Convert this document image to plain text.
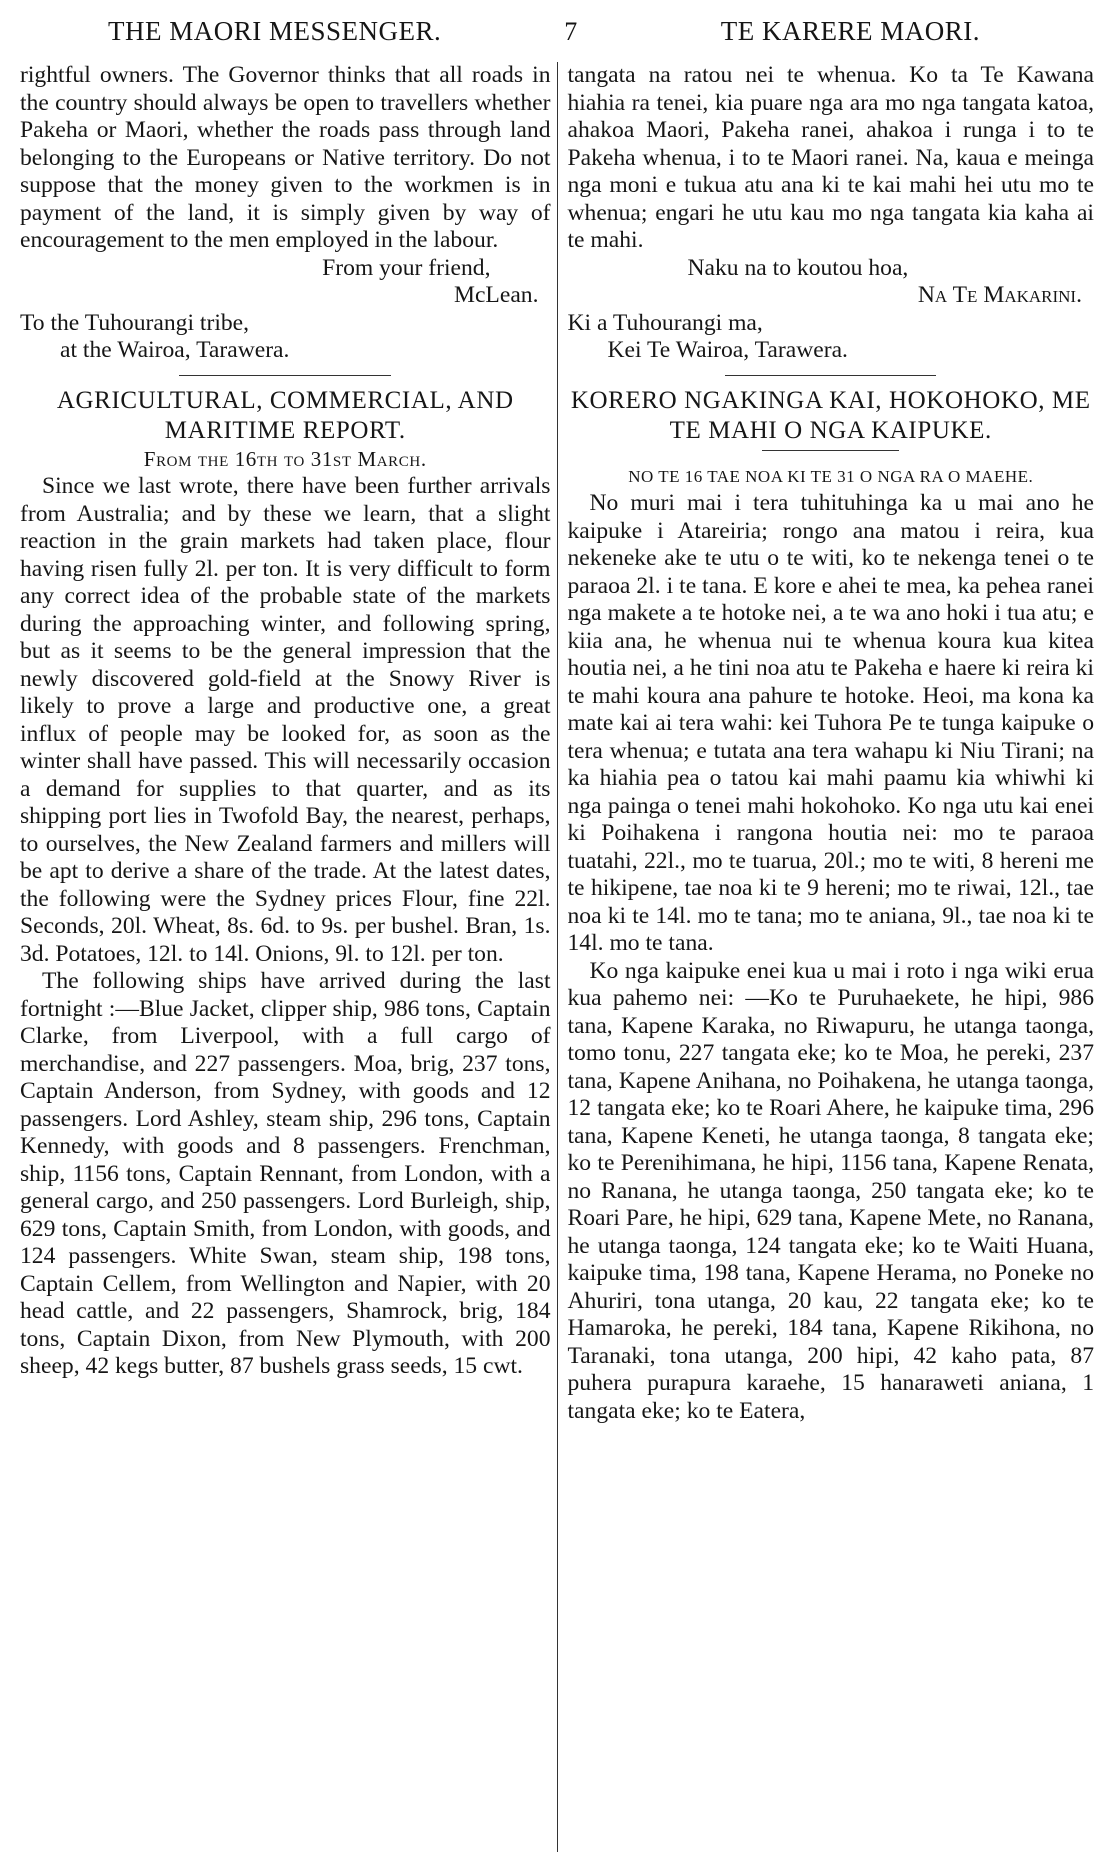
THE MAORI MESSENGER.	7	TE KARERE MAORI.

rightful owners. The Governor thinks that all roads in the country should always be open to travellers whether Pakeha or Maori, whether the roads pass through land belonging to the Europeans or Native territory. Do not suppose that the money given to the workmen is in payment of the land, it is simply given by way of encouragement to the men employed in the labour.

From your friend,

McLean.

To the Tuhourangi tribe,

at the Wairoa, Tarawera.

AGRICULTURAL, COMMERCIAL, AND MARITIME REPORT.

From the 16th to 31st March.

Since we last wrote, there have been further arrivals from Australia; and by these we learn, that a slight reaction in the grain markets had taken place, flour having risen fully 2l. per ton. It is very difficult to form any correct idea of the probable state of the markets during the approaching winter, and following spring, but as it seems to be the general impression that the newly discovered gold-field at the Snowy River is likely to prove a large and productive one, a great influx of people may be looked for, as soon as the winter shall have passed. This will necessarily occasion a demand for supplies to that quarter, and as its shipping port lies in Twofold Bay, the nearest, perhaps, to ourselves, the New Zealand farmers and millers will be apt to derive a share of the trade. At the latest dates, the following were the Sydney prices Flour, fine 22l. Seconds, 20l. Wheat, 8s. 6d. to 9s. per bushel. Bran, 1s. 3d. Potatoes, 12l. to 14l. Onions, 9l. to 12l. per ton.

The following ships have arrived during the last fortnight :—Blue Jacket, clipper ship, 986 tons, Captain Clarke, from Liverpool, with a full cargo of merchandise, and 227 passengers. Moa, brig, 237 tons, Captain Anderson, from Sydney, with goods and 12 passengers. Lord Ashley, steam ship, 296 tons, Captain Kennedy, with goods and 8 passengers. Frenchman, ship, 1156 tons, Captain Rennant, from London, with a general cargo, and 250 passengers. Lord Burleigh, ship, 629 tons, Captain Smith, from London, with goods, and 124 passengers. White Swan, steam ship, 198 tons, Captain Cellem, from Wellington and Napier, with 20 head cattle, and 22 passengers, Shamrock, brig, 184 tons, Captain Dixon, from New Plymouth, with 200 sheep, 42 kegs butter, 87 bushels grass seeds, 15 cwt.

tangata na ratou nei te whenua. Ko ta Te Kawana hiahia ra tenei, kia puare nga ara mo nga tangata katoa, ahakoa Maori, Pakeha ranei, ahakoa i runga i to te Pakeha whenua, i to te Maori ranei. Na, kaua e meinga nga moni e tukua atu ana ki te kai mahi hei utu mo te whenua; engari he utu kau mo nga tangata kia kaha ai te mahi.

Naku na to koutou hoa,

Na Te Makarini.

Ki a Tuhourangi ma,

Kei Te Wairoa, Tarawera.

KORERO NGAKINGA KAI, HOKOHOKO, ME TE MAHI O NGA KAIPUKE.

NO TE 16 TAE NOA KI TE 31 O NGA RA O MAEHE.

No muri mai i tera tuhituhinga ka u mai ano he kaipuke i Atareiria; rongo ana matou i reira, kua nekeneke ake te utu o te witi, ko te nekenga tenei o te paraoa 2l. i te tana. E kore e ahei te mea, ka pehea ranei nga makete a te hotoke nei, a te wa ano hoki i tua atu; e kiia ana, he whenua nui te whenua koura kua kitea houtia nei, a he tini noa atu te Pakeha e haere ki reira ki te mahi koura ana pahure te hotoke. Heoi, ma kona ka mate kai ai tera wahi: kei Tuhora Pe te tunga kaipuke o tera whenua; e tutata ana tera wahapu ki Niu Tirani; na ka hiahia pea o tatou kai mahi paamu kia whiwhi ki nga painga o tenei mahi hokohoko. Ko nga utu kai enei ki Poihakena i rangona houtia nei: mo te paraoa tuatahi, 22l., mo te tuarua, 20l.; mo te witi, 8 hereni me te hikipene, tae noa ki te 9 hereni; mo te riwai, 12l., tae noa ki te 14l. mo te tana; mo te aniana, 9l., tae noa ki te 14l. mo te tana.

Ko nga kaipuke enei kua u mai i roto i nga wiki erua kua pahemo nei: —Ko te Puruhaekete, he hipi, 986 tana, Kapene Karaka, no Riwapuru, he utanga taonga, tomo tonu, 227 tangata eke; ko te Moa, he pereki, 237 tana, Kapene Anihana, no Poihakena, he utanga taonga, 12 tangata eke; ko te Roari Ahere, he kaipuke tima, 296 tana, Kapene Keneti, he utanga taonga, 8 tangata eke; ko te Perenihimana, he hipi, 1156 tana, Kapene Renata, no Ranana, he utanga taonga, 250 tangata eke; ko te Roari Pare, he hipi, 629 tana, Kapene Mete, no Ranana, he utanga taonga, 124 tangata eke; ko te Waiti Huana, kaipuke tima, 198 tana, Kapene Herama, no Poneke no Ahuriri, tona utanga, 20 kau, 22 tangata eke; ko te Hamaroka, he pereki, 184 tana, Kapene Rikihona, no Taranaki, tona utanga, 200 hipi, 42 kaho pata, 87 puhera purapura karaehe, 15 hanaraweti aniana, 1 tangata eke; ko te Eatera,
